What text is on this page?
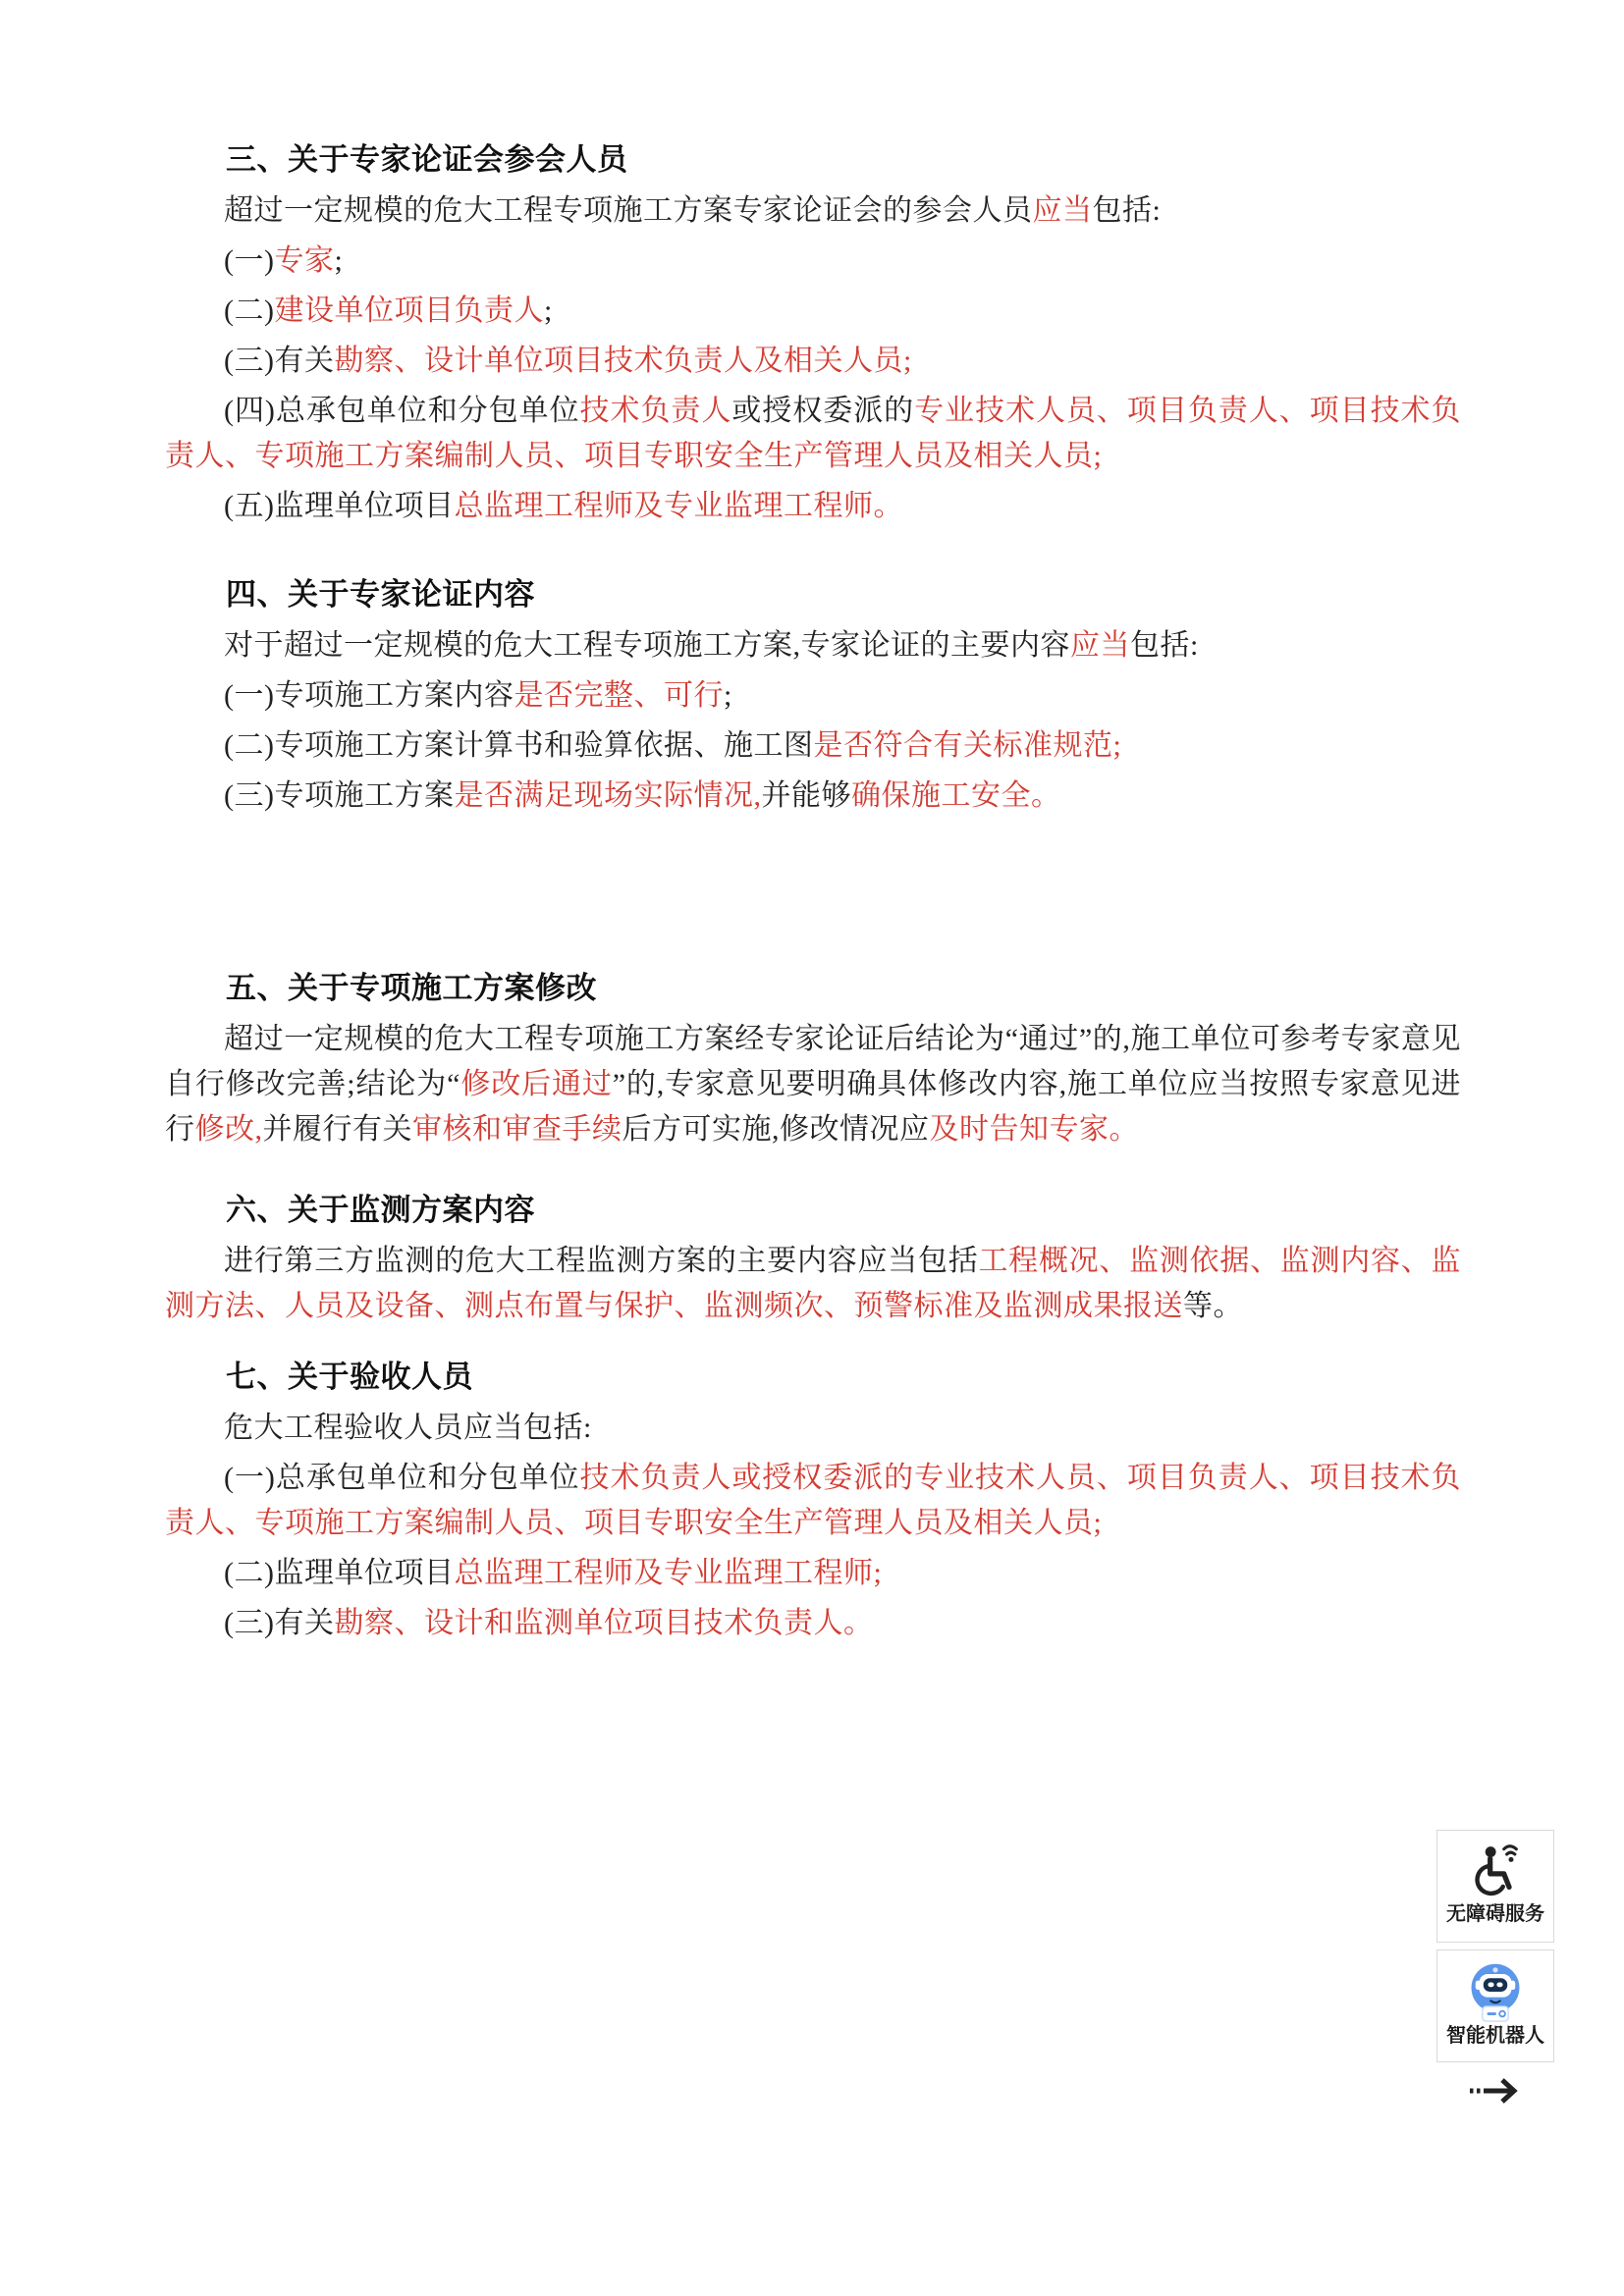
三、关于专家论证会参会人员

超过一定规模的危大工程专项施工方案专家论证会的参会人员应当包括:

(一)专家;

(二)建设单位项目负责人;

(三)有关勘察、设计单位项目技术负责人及相关人员;

(四)总承包单位和分包单位技术负责人或授权委派的专业技术人员、项目负责人、项目技术负责人、专项施工方案编制人员、项目专职安全生产管理人员及相关人员;

(五)监理单位项目总监理工程师及专业监理工程师。

四、关于专家论证内容

对于超过一定规模的危大工程专项施工方案,专家论证的主要内容应当包括:

(一)专项施工方案内容是否完整、可行;

(二)专项施工方案计算书和验算依据、施工图是否符合有关标准规范;

(三)专项施工方案是否满足现场实际情况,并能够确保施工安全。

五、关于专项施工方案修改

超过一定规模的危大工程专项施工方案经专家论证后结论为“通过”的,施工单位可参考专家意见自行修改完善;结论为“修改后通过”的,专家意见要明确具体修改内容,施工单位应当按照专家意见进行修改,并履行有关审核和审查手续后方可实施,修改情况应及时告知专家。

六、关于监测方案内容

进行第三方监测的危大工程监测方案的主要内容应当包括工程概况、监测依据、监测内容、监测方法、人员及设备、测点布置与保护、监测频次、预警标准及监测成果报送等。

七、关于验收人员

危大工程验收人员应当包括:

(一)总承包单位和分包单位技术负责人或授权委派的专业技术人员、项目负责人、项目技术负责人、专项施工方案编制人员、项目专职安全生产管理人员及相关人员;

(二)监理单位项目总监理工程师及专业监理工程师;

(三)有关勘察、设计和监测单位项目技术负责人。

无障碍服务
智能机器人
